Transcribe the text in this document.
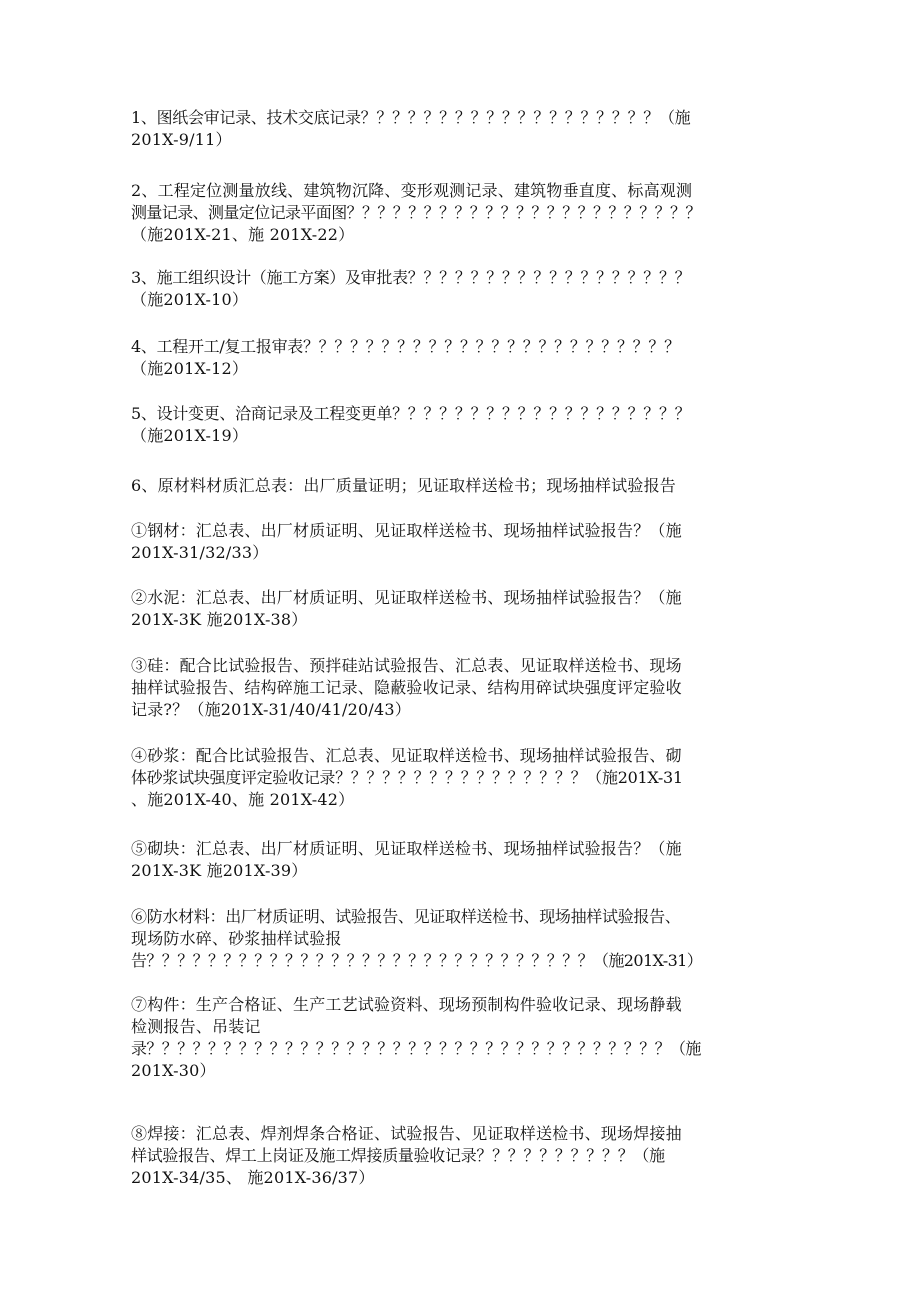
1、图纸会审记录、技术交底记录？？？？？？？？？？？？？？？？？？？（施
201X-9/11）
2、工程定位测量放线、建筑物沉降、变形观测记录、建筑物垂直度、标高观测
测量记录、测量定位记录平面图？？？？？？？？？？？？？？？？？？？？？？？
（施201X-21、施 201X-22）
3、施工组织设计（施工方案）及审批表？？？？？？？？？？？？？？？？？？
（施201X-10）
4、工程开工/复工报审表？？？？？？？？？？？？？？？？？？？？？？？？
（施201X-12）
5、设计变更、洽商记录及工程变更单？？？？？？？？？？？？？？？？？？？
（施201X-19）
6、原材料材质汇总表：出厂质量证明；见证取样送检书；现场抽样试验报告
①钢材：汇总表、出厂材质证明、见证取样送检书、现场抽样试验报告？（施
201X-31/32/33）
②水泥：汇总表、出厂材质证明、见证取样送检书、现场抽样试验报告？（施
201X-3K 施201X-38）
③硅：配合比试验报告、预拌硅站试验报告、汇总表、见证取样送检书、现场
抽样试验报告、结构碎施工记录、隐蔽验收记录、结构用碎试块强度评定验收
记录?？（施201X-31/40/41/20/43）
④砂浆：配合比试验报告、汇总表、见证取样送检书、现场抽样试验报告、砌
体砂浆试块强度评定验收记录？？？？？？？？？？？？？？？？（施201X-31
、施201X-40、施 201X-42）
⑤砌块：汇总表、出厂材质证明、见证取样送检书、现场抽样试验报告？（施
201X-3K 施201X-39）
⑥防水材料：出厂材质证明、试验报告、见证取样送检书、现场抽样试验报告、
现场防水碎、砂浆抽样试验报
告？？？？？？？？？？？？？？？？？？？？？？？？？？？？？（施201X-31）
⑦构件：生产合格证、生产工艺试验资料、现场预制构件验收记录、现场静载
检测报告、吊装记
录？？？？？？？？？？？？？？？？？？？？？？？？？？？？？？？？？？（施
201X-30）
⑧焊接：汇总表、焊剂焊条合格证、试验报告、见证取样送检书、现场焊接抽
样试验报告、焊工上岗证及施工焊接质量验收记录？？？？？？？？？？（施
201X-34/35、 施201X-36/37）
